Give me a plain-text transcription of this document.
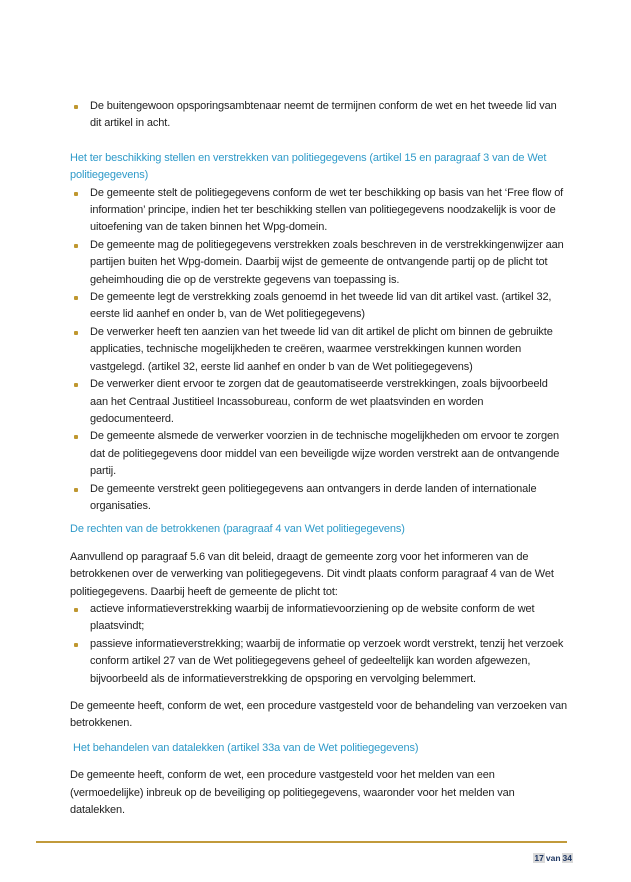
De buitengewoon opsporingsambtenaar neemt de termijnen conform de wet en het tweede lid van dit artikel in acht.
Het ter beschikking stellen en verstrekken van politiegegevens (artikel 15 en paragraaf 3 van de Wet politiegegevens)
De gemeente stelt de politiegegevens conform de wet ter beschikking op basis van het ‘Free flow of information’ principe, indien het ter beschikking stellen van politiegegevens noodzakelijk is voor de uitoefening van de taken binnen het Wpg-domein.
De gemeente mag de politiegegevens verstrekken zoals beschreven in de verstrekkingenwijzer aan partijen buiten het Wpg-domein. Daarbij wijst de gemeente de ontvangende partij op de plicht tot geheimhouding die op de verstrekte gegevens van toepassing is.
De gemeente legt de verstrekking zoals genoemd in het tweede lid van dit artikel vast. (artikel 32, eerste lid aanhef en onder b, van de Wet politiegegevens)
De verwerker heeft ten aanzien van het tweede lid van dit artikel de plicht om binnen de gebruikte applicaties, technische mogelijkheden te creëren, waarmee verstrekkingen kunnen worden vastgelegd. (artikel 32, eerste lid aanhef en onder b van de Wet politiegegevens)
De verwerker dient ervoor te zorgen dat de geautomatiseerde verstrekkingen, zoals bijvoorbeeld aan het Centraal Justitieel Incassobureau, conform de wet plaatsvinden en worden gedocumenteerd.
De gemeente alsmede de verwerker voorzien in de technische mogelijkheden om ervoor te zorgen dat de politiegegevens door middel van een beveiligde wijze worden verstrekt aan de ontvangende partij.
De gemeente verstrekt geen politiegegevens aan ontvangers in derde landen of internationale organisaties.
De rechten van de betrokkenen (paragraaf 4 van Wet politiegegevens)

Aanvullend op paragraaf 5.6 van dit beleid, draagt de gemeente zorg voor het informeren van de betrokkenen over de verwerking van politiegegevens. Dit vindt plaats conform paragraaf 4 van de Wet politiegegevens. Daarbij heeft de gemeente de plicht tot:

actieve informatieverstrekking waarbij de informatievoorziening op de website conform de wet plaatsvindt;
passieve informatieverstrekking; waarbij de informatie op verzoek wordt verstrekt, tenzij het verzoek conform artikel 27 van de Wet politiegegevens geheel of gedeeltelijk kan worden afgewezen, bijvoorbeeld als de informatieverstrekking de opsporing en vervolging belemmert.

De gemeente heeft, conform de wet, een procedure vastgesteld voor de behandeling van verzoeken van betrokkenen.

Het behandelen van datalekken (artikel 33a van de Wet politiegegevens)

De gemeente heeft, conform de wet, een procedure vastgesteld voor het melden van een (vermoedelijke) inbreuk op de beveiliging op politiegegevens, waaronder voor het melden van datalekken.

17 van 34
